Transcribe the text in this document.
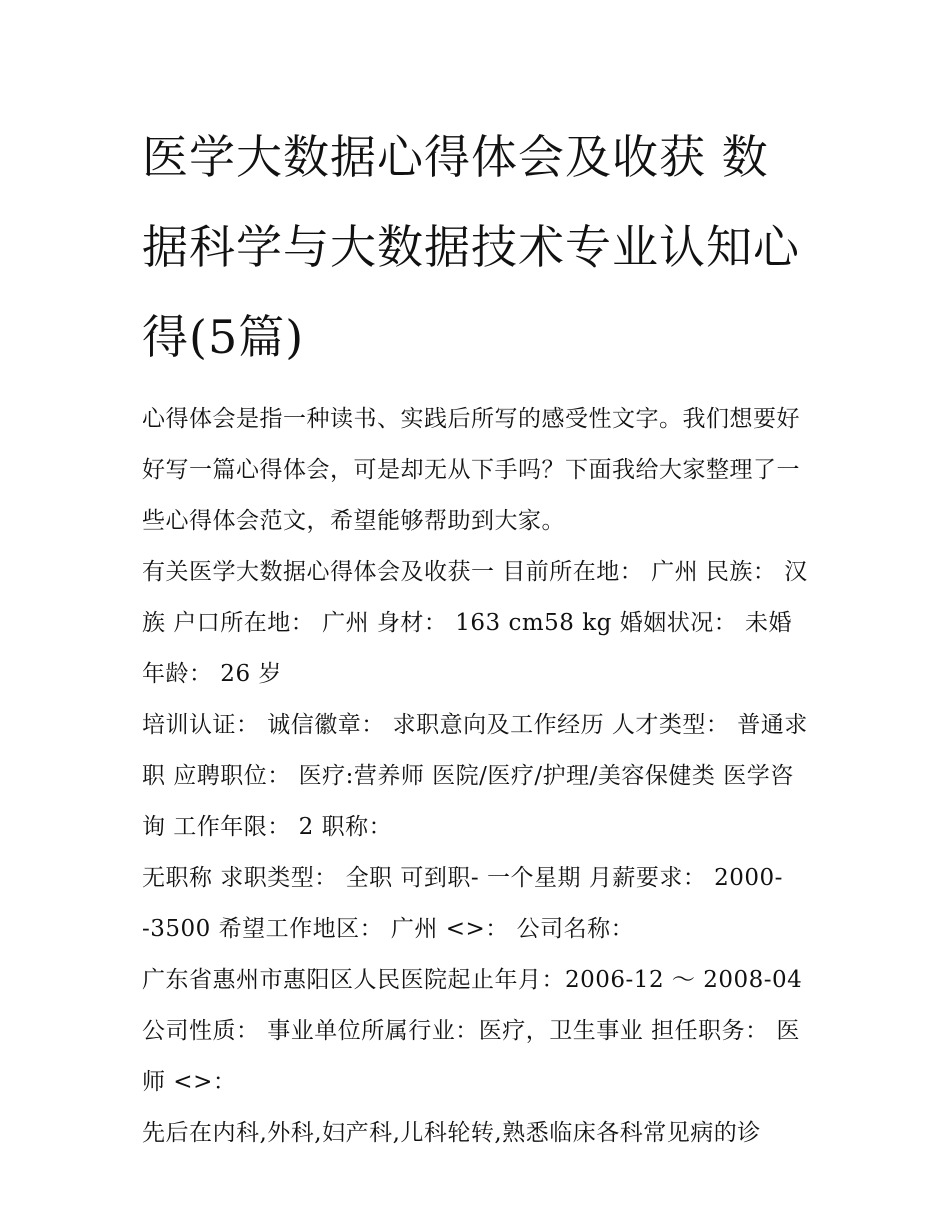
医学大数据心得体会及收获 数据科学与大数据技术专业认知心得(5篇)

心得体会是指一种读书、实践后所写的感受性文字。我们想要好好写一篇心得体会，可是却无从下手吗？下面我给大家整理了一些心得体会范文，希望能够帮助到大家。

有关医学大数据心得体会及收获一 目前所在地： 广州 民族： 汉族 户口所在地： 广州 身材： 163 cm58 kg 婚姻状况： 未婚 年龄： 26 岁

培训认证： 诚信徽章： 求职意向及工作经历 人才类型： 普通求职 应聘职位： 医疗:营养师 医院/医疗/护理/美容保健类 医学咨询 工作年限： 2 职称：

无职称 求职类型： 全职 可到职- 一个星期 月薪要求： 2000--3500 希望工作地区： 广州 <>： 公司名称：

广东省惠州市惠阳区人民医院起止年月：2006-12 ～ 2008-04 公司性质： 事业单位所属行业：医疗，卫生事业 担任职务： 医师 <>：

先后在内科,外科,妇产科,儿科轮转,熟悉临床各科常见病的诊
